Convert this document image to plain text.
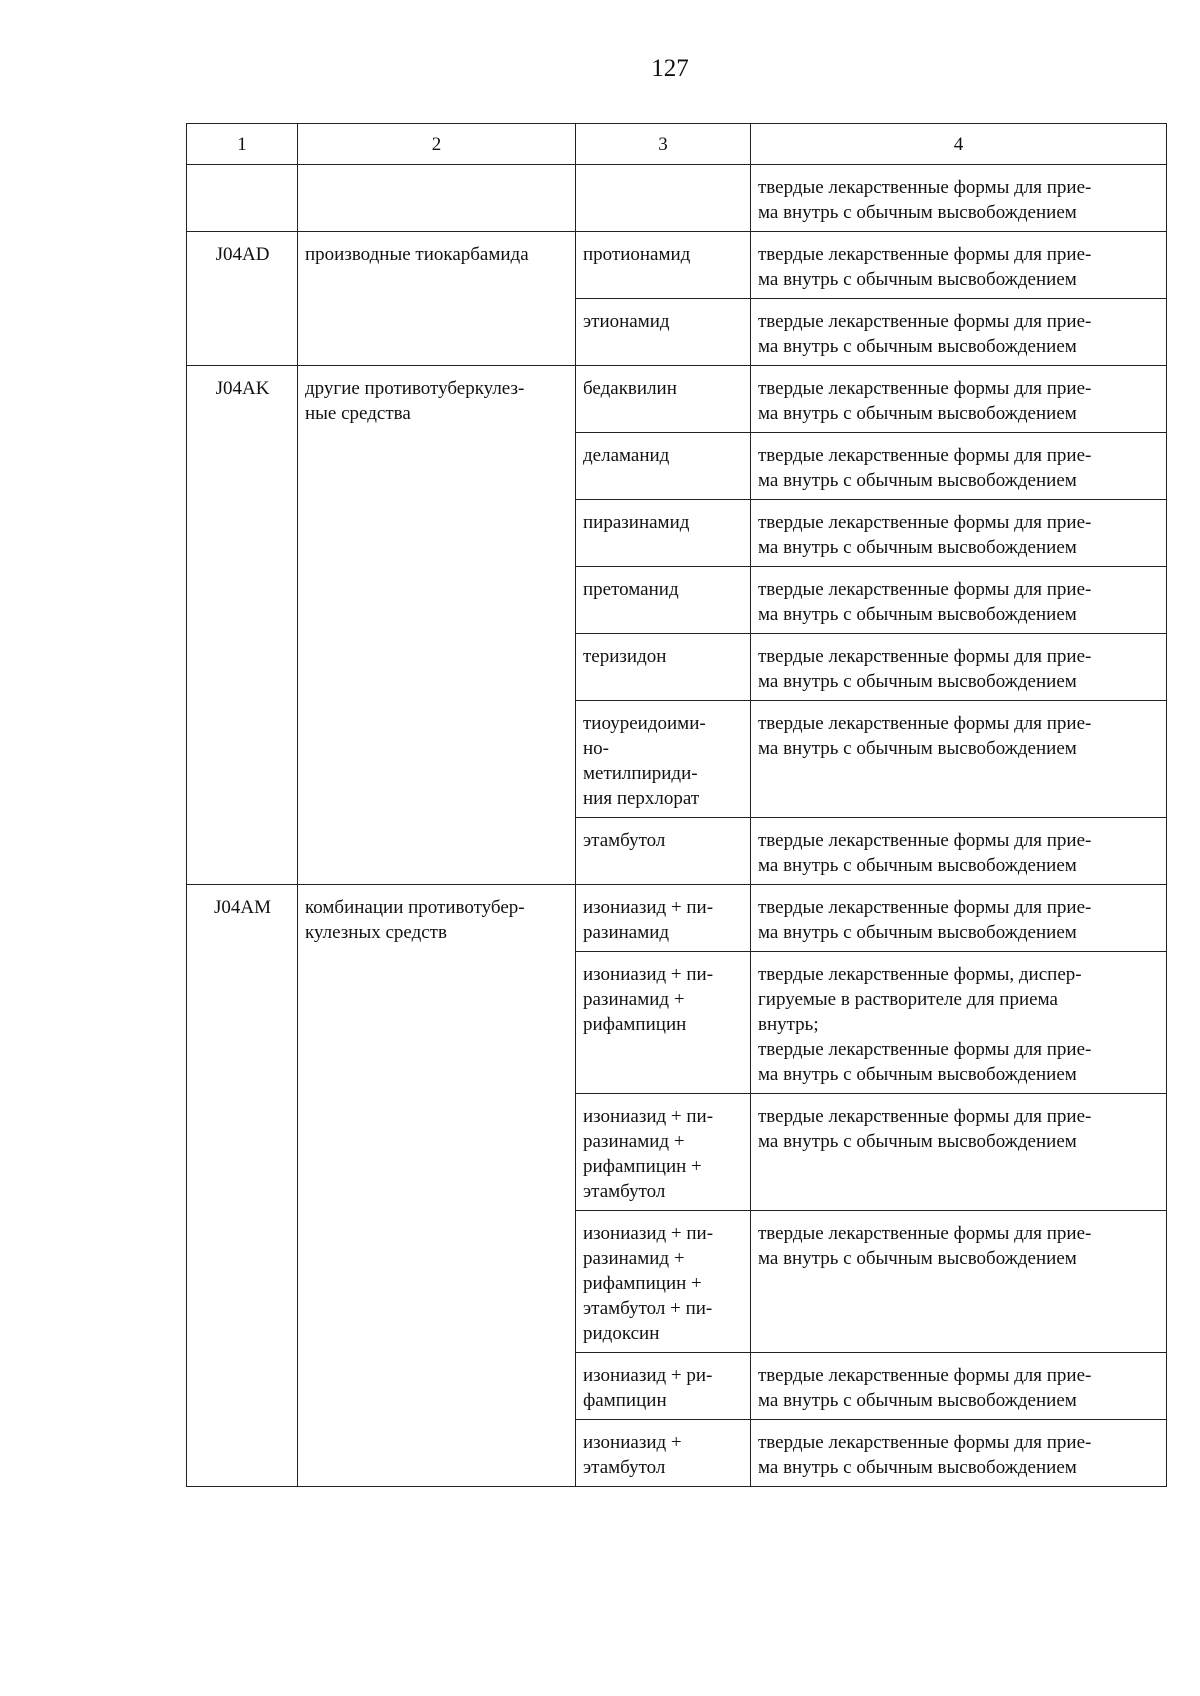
127
1	2	3	4
			твердые лекарственные формы для прие-
ма внутрь с обычным высвобождением
J04AD	производные тиокарбамида	протионамид	твердые лекарственные формы для прие-
ма внутрь с обычным высвобождением
		этионамид	твердые лекарственные формы для прие-
ма внутрь с обычным высвобождением
J04AK	другие противотуберкулез-
ные средства	бедаквилин	твердые лекарственные формы для прие-
ма внутрь с обычным высвобождением
		деламанид	твердые лекарственные формы для прие-
ма внутрь с обычным высвобождением
		пиразинамид	твердые лекарственные формы для прие-
ма внутрь с обычным высвобождением
		претоманид	твердые лекарственные формы для прие-
ма внутрь с обычным высвобождением
		теризидон	твердые лекарственные формы для прие-
ма внутрь с обычным высвобождением
		тиоуреидоими-
но-
метилпириди-
ния перхлорат	твердые лекарственные формы для прие-
ма внутрь с обычным высвобождением
		этамбутол	твердые лекарственные формы для прие-
ма внутрь с обычным высвобождением
J04AM	комбинации противотубер-
кулезных средств	изониазид + пи-
разинамид	твердые лекарственные формы для прие-
ма внутрь с обычным высвобождением
		изониазид + пи-
разинамид +
рифампицин	твердые лекарственные формы, диспер-
гируемые в растворителе для приема
внутрь;
твердые лекарственные формы для прие-
ма внутрь с обычным высвобождением
		изониазид + пи-
разинамид +
рифампицин +
этамбутол	твердые лекарственные формы для прие-
ма внутрь с обычным высвобождением
		изониазид + пи-
разинамид +
рифампицин +
этамбутол + пи-
ридоксин	твердые лекарственные формы для прие-
ма внутрь с обычным высвобождением
		изониазид + ри-
фампицин	твердые лекарственные формы для прие-
ма внутрь с обычным высвобождением
		изониазид +
этамбутол	твердые лекарственные формы для прие-
ма внутрь с обычным высвобождением
